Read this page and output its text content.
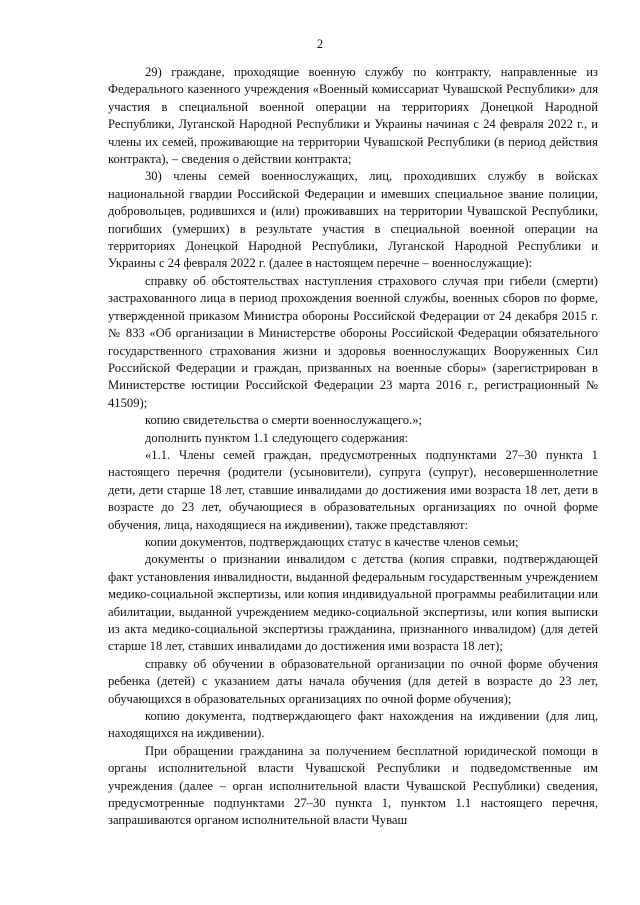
2

29) граждане, проходящие военную службу по контракту, направленные из Федерального казенного учреждения «Военный комиссариат Чувашской Республики» для участия в специальной военной операции на территориях Донецкой Народной Республики, Луганской Народной Республики и Украины начиная с 24 февраля 2022 г., и члены их семей, проживающие на территории Чувашской Республики (в период действия контракта), – сведения о действии контракта;

30) члены семей военнослужащих, лиц, проходивших службу в войсках национальной гвардии Российской Федерации и имевших специальное звание полиции, добровольцев, родившихся и (или) проживавших на территории Чувашской Республики, погибших (умерших) в результате участия в специальной военной операции на территориях Донецкой Народной Республики, Луганской Народной Республики и Украины с 24 февраля 2022 г. (далее в настоящем перечне – военнослужащие):

справку об обстоятельствах наступления страхового случая при гибели (смерти) застрахованного лица в период прохождения военной службы, военных сборов по форме, утвержденной приказом Министра обороны Российской Федерации от 24 декабря 2015 г. № 833 «Об организации в Министерстве обороны Российской Федерации обязательного государственного страхования жизни и здоровья военнослужащих Вооруженных Сил Российской Федерации и граждан, призванных на военные сборы» (зарегистрирован в Министерстве юстиции Российской Федерации 23 марта 2016 г., регистрационный № 41509);

копию свидетельства о смерти военнослужащего.»;

дополнить пунктом 1.1 следующего содержания:

«1.1. Члены семей граждан, предусмотренных подпунктами 27–30 пункта 1 настоящего перечня (родители (усыновители), супруга (супруг), несовершеннолетние дети, дети старше 18 лет, ставшие инвалидами до достижения ими возраста 18 лет, дети в возрасте до 23 лет, обучающиеся в образовательных организациях по очной форме обучения, лица, находящиеся на иждивении), также представляют:

копии документов, подтверждающих статус в качестве членов семьи;

документы о признании инвалидом с детства (копия справки, подтверждающей факт установления инвалидности, выданной федеральным государственным учреждением медико-социальной экспертизы, или копия индивидуальной программы реабилитации или абилитации, выданной учреждением медико-социальной экспертизы, или копия выписки из акта медико-социальной экспертизы гражданина, признанного инвалидом) (для детей старше 18 лет, ставших инвалидами до достижения ими возраста 18 лет);

справку об обучении в образовательной организации по очной форме обучения ребенка (детей) с указанием даты начала обучения (для детей в возрасте до 23 лет, обучающихся в образовательных организациях по очной форме обучения);

копию документа, подтверждающего факт нахождения на иждивении (для лиц, находящихся на иждивении).

При обращении гражданина за получением бесплатной юридической помощи в органы исполнительной власти Чувашской Республики и подведомственные им учреждения (далее – орган исполнительной власти Чувашской Республики) сведения, предусмотренные подпунктами 27–30 пункта 1, пунктом 1.1 настоящего перечня, запрашиваются органом исполнительной власти Чуваш
